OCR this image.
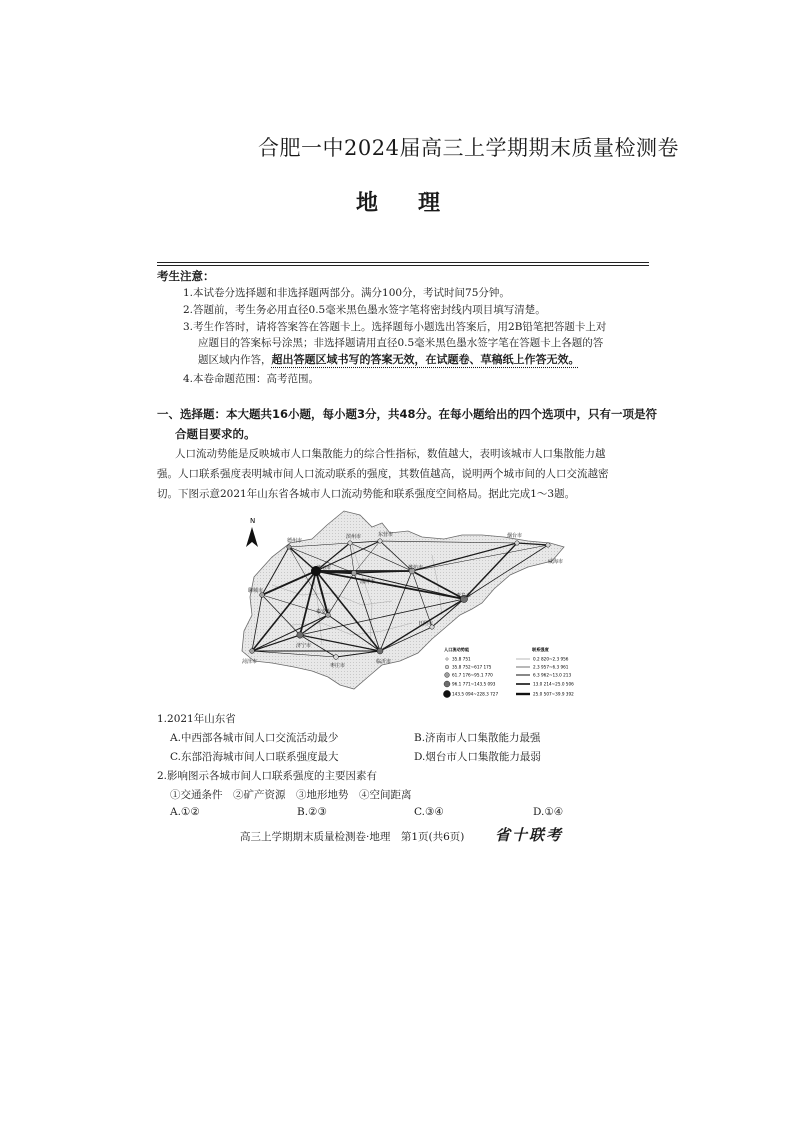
合肥一中2024届高三上学期期末质量检测卷
地理
考生注意：
1.本试卷分选择题和非选择题两部分。满分100分，考试时间75分钟。
2.答题前，考生务必用直径0.5毫米黑色墨水签字笔将密封线内项目填写清楚。
3.考生作答时，请将答案答在答题卡上。选择题每小题选出答案后，用2B铅笔把答题卡上对
应题目的答案标号涂黑；非选择题请用直径0.5毫米黑色墨水签字笔在答题卡上各题的答
题区域内作答，超出答题区域书写的答案无效，在试题卷、草稿纸上作答无效。
4.本卷命题范围：高考范围。
一、选择题：本大题共16小题，每小题3分，共48分。在每小题给出的四个选项中，只有一项是符
合题目要求的。
人口流动势能是反映城市人口集散能力的综合性指标，数值越大，表明该城市人口集散能力越
强。人口联系强度表明城市间人口流动联系的强度，其数值越高，说明两个城市间的人口交流越密
切。下图示意2021年山东省各城市人口流动势能和联系强度空间格局。据此完成1～3题。
德州市
滨州市	东营市	烟台市
威海市
济南市
淄博市
潍坊市
聊城市
泰安市
青岛市
日照市
济宁市
菏泽市
枣庄市
临沂市
N
人口流动势能
35.8 751
35.8 752~617 175
61.7 176~95.1 770
96.1 771~143.5 093
143.5 094~228.3 727
联系强度
0.2 820~2.3 956
2.3 957~6.3 961
6.3 962~13.0 213
13.0 214~25.0 506
25.0 507~39.9 392
1.2021年山东省
A.中西部各城市间人口交流活动最少	B.济南市人口集散能力最强
C.东部沿海城市间人口联系强度最大	D.烟台市人口集散能力最弱
2.影响图示各城市间人口联系强度的主要因素有
①交通条件　②矿产资源　③地形地势　④空间距离
A.①②	B.②③	C.③④	D.①④
高三上学期期末质量检测卷·地理　第1页(共6页) 省十联考
